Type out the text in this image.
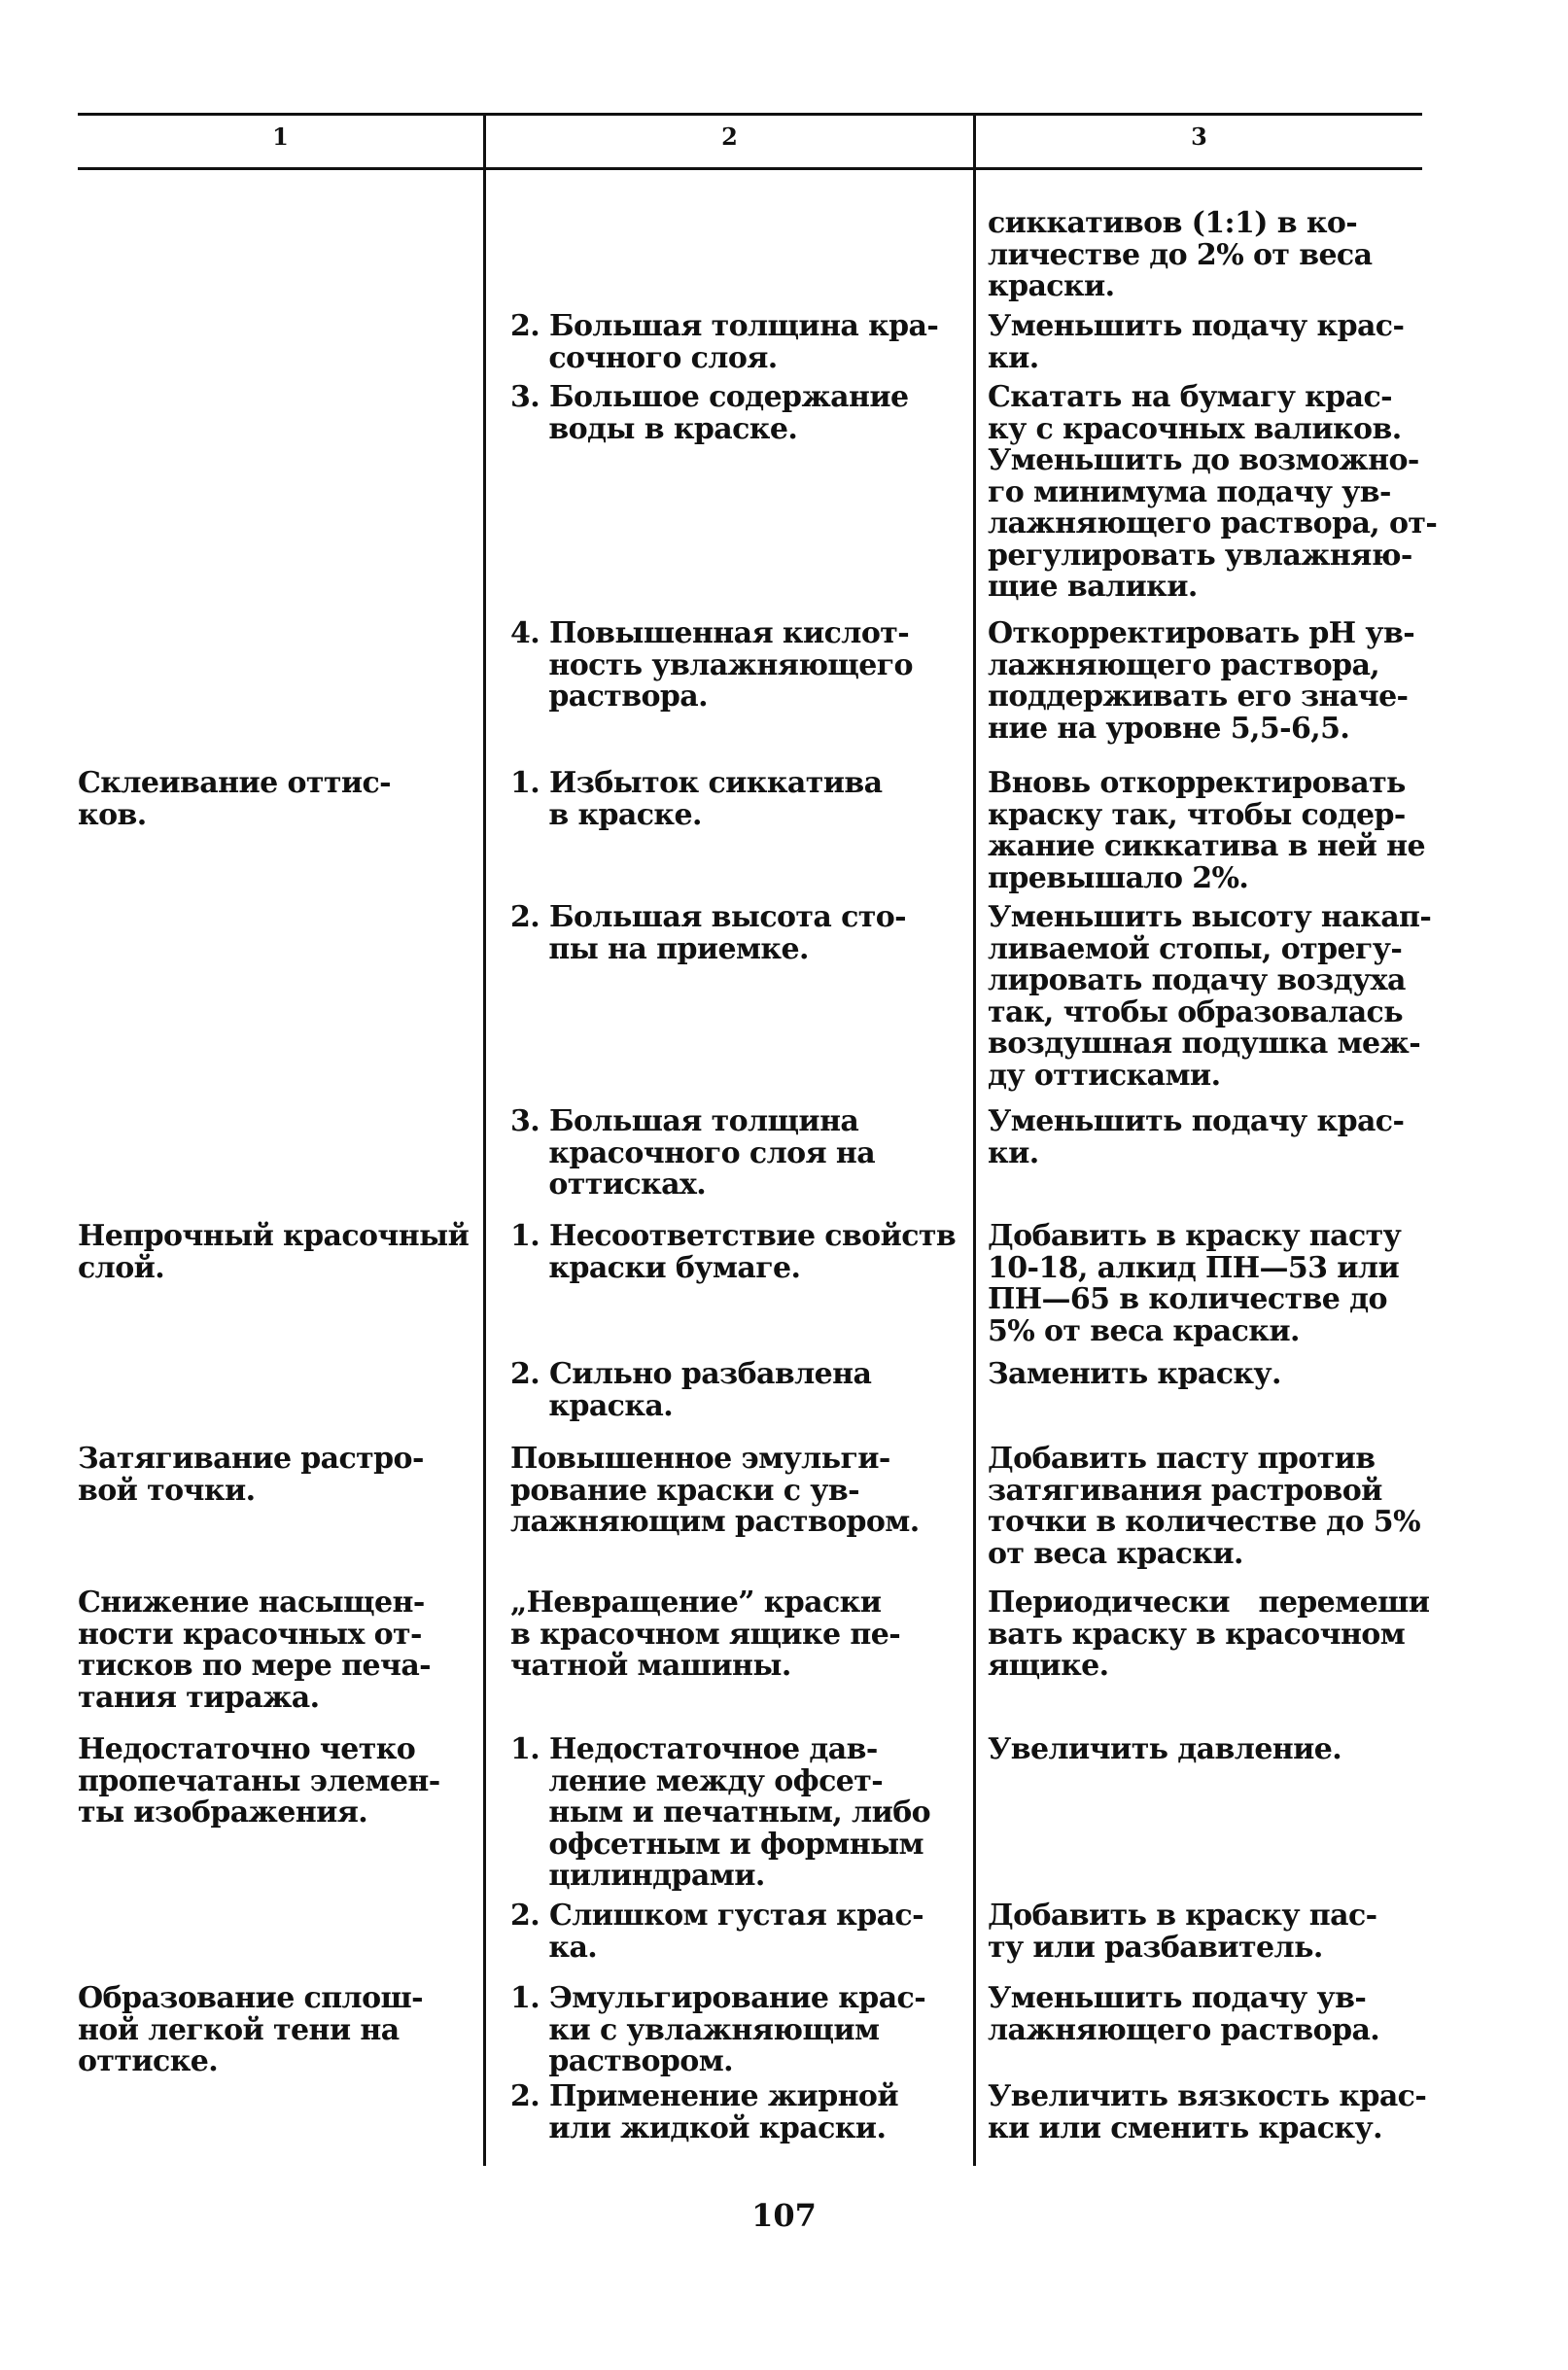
1	2	3
сиккативов (1:1) в ко-
личестве до 2% от веса
краски.
2. Большая толщина кра-
сочного слоя.
Уменьшить подачу крас-
ки.
3. Большое содержание
воды в краске.
Скатать на бумагу крас-
ку с красочных валиков.
Уменьшить до возможно-
го минимума подачу ув-
лажняющего раствора, от-
регулировать увлажняю-
щие валики.
4. Повышенная кислот-
ность увлажняющего
раствора.
Откорректировать pH ув-
лажняющего раствора,
поддерживать его значе-
ние на уровне 5,5-6,5.
Склеивание оттис-
ков.
1. Избыток сиккатива
в краске.
Вновь откорректировать
краску так, чтобы содер-
жание сиккатива в ней не
превышало 2%.
2. Большая высота сто-
пы на приемке.
Уменьшить высоту накап-
ливаемой стопы, отрегу-
лировать подачу воздуха
так, чтобы образовалась
воздушная подушка меж-
ду оттисками.
3. Большая толщина
красочного слоя на
оттисках.
Уменьшить подачу крас-
ки.
Непрочный красочный
слой.
1. Несоответствие свойств
краски бумаге.
Добавить в краску пасту
10-18, алкид ПН—53 или
ПН—65 в количестве до
5% от веса краски.
2. Сильно разбавлена
краска.
Заменить краску.
Затягивание растро-
вой точки.
Повышенное эмульги-
рование краски с ув-
лажняющим раствором.
Добавить пасту против
затягивания растровой
точки в количестве до 5%
от веса краски.
Снижение насыщен-
ности красочных от-
тисков по мере печа-
тания тиража.
„Невращение” краски
в красочном ящике пе-
чатной машины.
Периодически   перемеши
вать краску в красочном
ящике.
Недостаточно четко
пропечатаны элемен-
ты изображения.
1. Недостаточное дав-
ление между офсет-
ным и печатным, либо
офсетным и формным
цилиндрами.
Увеличить давление.
2. Слишком густая крас-
ка.
Добавить в краску пас-
ту или разбавитель.
Образование сплош-
ной легкой тени на
оттиске.
1. Эмульгирование крас-
ки с увлажняющим
раствором.
Уменьшить подачу ув-
лажняющего раствора.
2. Применение жирной
или жидкой краски.
Увеличить вязкость крас-
ки или сменить краску.
107
